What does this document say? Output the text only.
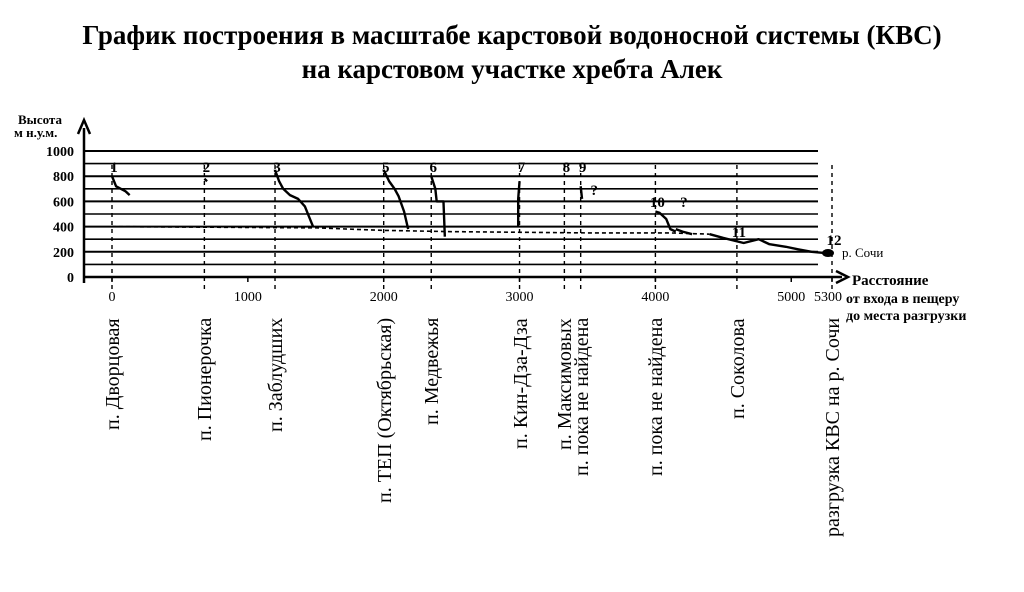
График построения в масштабе карстовой водоносной системы (КВС)
на карстовом участке хребта Алек
Высота
м н.у.м.
1000
800
600
400
200
0
0	1000	2000	3000	4000	5000 5300
Расстояние
от входа в пещеру
до места разгрузки
1	2	3	5	6	7 8 9
?
10 ?
11	12
р. Сочи
п. Дворцовая	п. Пионерочка п. Заблудших	п. ТЕП (Октябрьская) п. Медвежья	п. Кин-Дза-Дза п. Максимовых
п. пока не найдена	п. пока не найдена	п. Соколова	разгрузка КВС на р. Сочи
